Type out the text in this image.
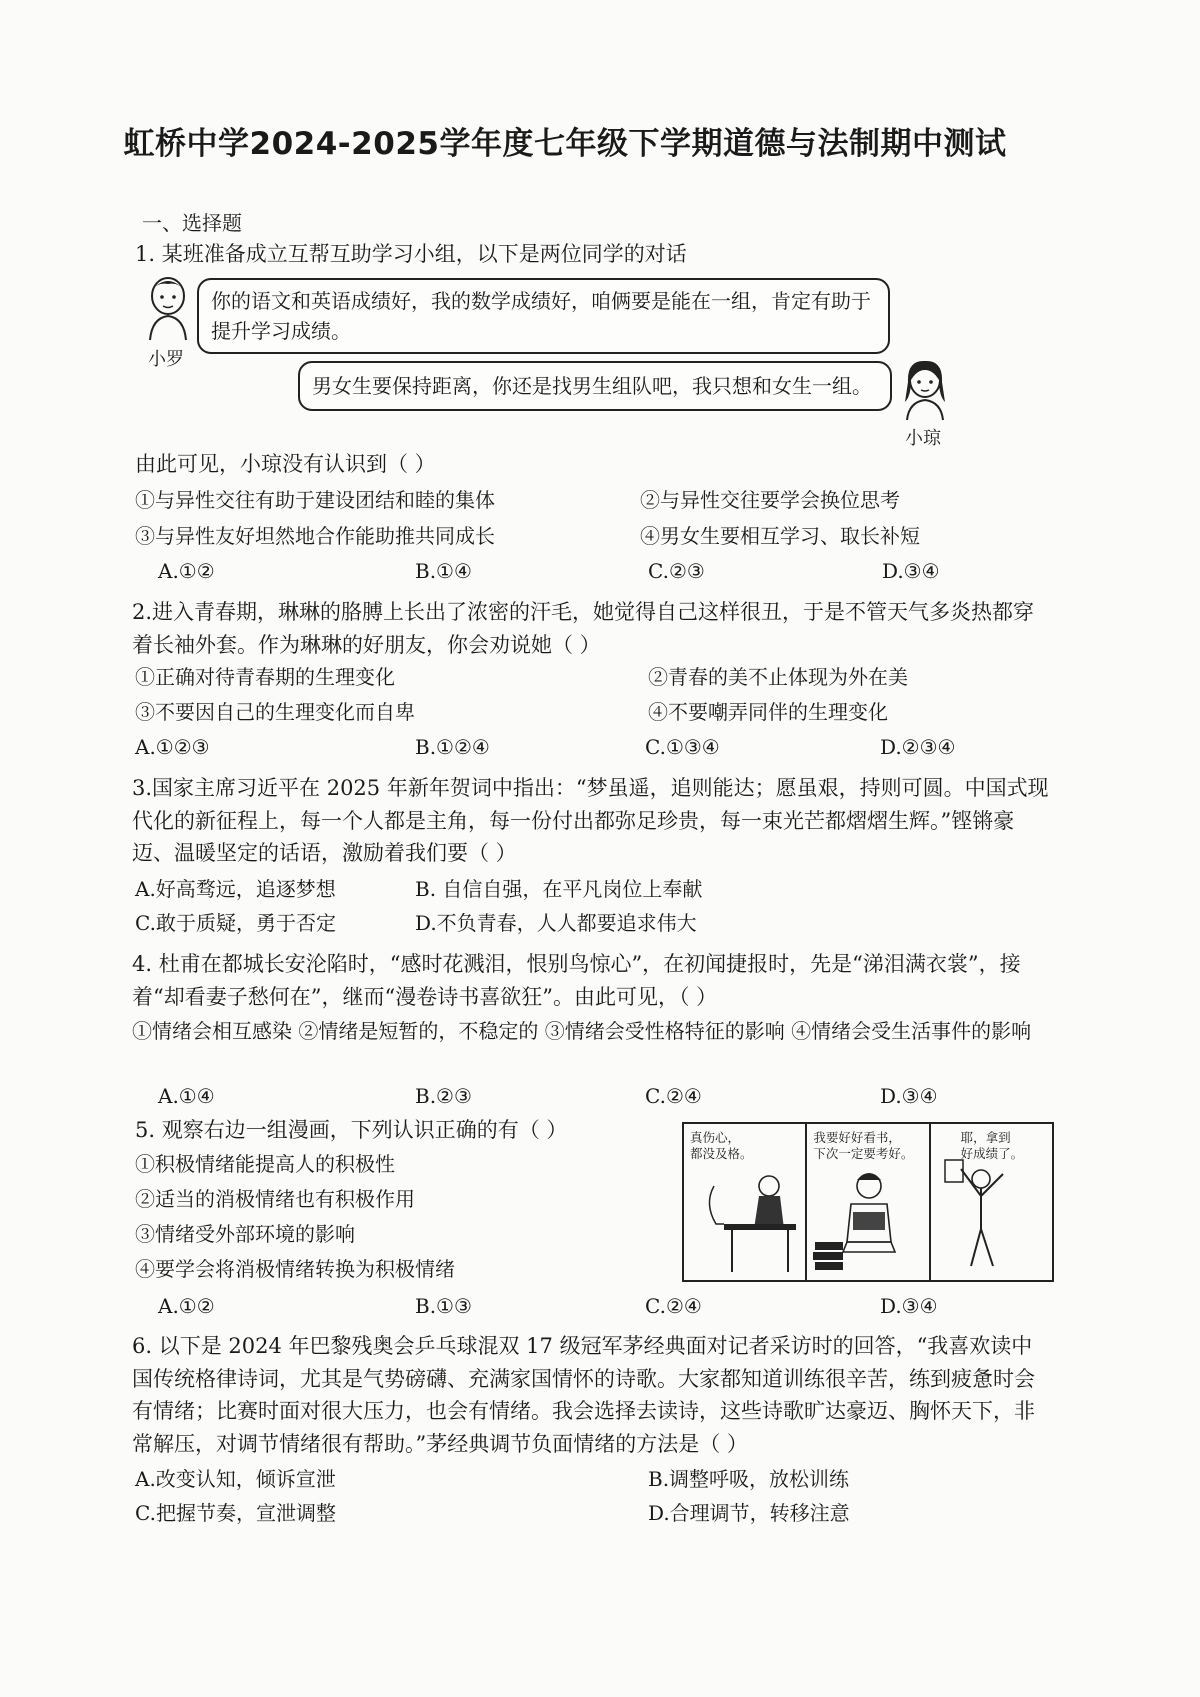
虹桥中学2024-2025学年度七年级下学期道德与法制期中测试
一、选择题
1. 某班准备成立互帮互助学习小组，以下是两位同学的对话
小罗
你的语文和英语成绩好，我的数学成绩好，咱俩要是能在一组，肯定有助于
提升学习成绩。
男女生要保持距离，你还是找男生组队吧，我只想和女生一组。
小琼
由此可见，小琼没有认识到（ ）
①与异性交往有助于建设团结和睦的集体	②与异性交往要学会换位思考
③与异性友好坦然地合作能助推共同成长	④男女生要相互学习、取长补短
A.①②	B.①④	C.②③	D.③④
2.进入青春期，琳琳的胳膊上长出了浓密的汗毛，她觉得自己这样很丑，于是不管天气多炎热都穿着长袖外套。作为琳琳的好朋友，你会劝说她（ ）
①正确对待青春期的生理变化	②青春的美不止体现为外在美
③不要因自己的生理变化而自卑	④不要嘲弄同伴的生理变化
A.①②③	B.①②④	C.①③④	D.②③④
3.国家主席习近平在 2025 年新年贺词中指出：“梦虽遥，追则能达；愿虽艰，持则可圆。中国式现代化的新征程上，每一个人都是主角，每一份付出都弥足珍贵，每一束光芒都熠熠生辉。”铿锵豪迈、温暖坚定的话语，激励着我们要（ ）
A.好高骛远，追逐梦想	B. 自信自强，在平凡岗位上奉献
C.敢于质疑，勇于否定	D.不负青春，人人都要追求伟大
4. 杜甫在都城长安沦陷时，“感时花溅泪，恨别鸟惊心”，在初闻捷报时，先是“涕泪满衣裳”，接着“却看妻子愁何在”，继而“漫卷诗书喜欲狂”。由此可见，（ ）
①情绪会相互感染 ②情绪是短暂的，不稳定的 ③情绪会受性格特征的影响 ④情绪会受生活事件的影响
A.①④	B.②③	C.②④	D.③④
5. 观察右边一组漫画，下列认识正确的有（ ）
①积极情绪能提高人的积极性
②适当的消极情绪也有积极作用
③情绪受外部环境的影响
④要学会将消极情绪转换为积极情绪
真伤心，
都没及格。
我要好好看书，
下次一定要考好。
耶，拿到
好成绩了。
A.①②	B.①③	C.②④	D.③④
6. 以下是 2024 年巴黎残奥会乒乓球混双 17 级冠军茅经典面对记者采访时的回答，“我喜欢读中国传统格律诗词，尤其是气势磅礴、充满家国情怀的诗歌。大家都知道训练很辛苦，练到疲惫时会有情绪；比赛时面对很大压力，也会有情绪。我会选择去读诗，这些诗歌旷达豪迈、胸怀天下，非常解压，对调节情绪很有帮助。”茅经典调节负面情绪的方法是（ ）
A.改变认知，倾诉宣泄	B.调整呼吸，放松训练
C.把握节奏，宣泄调整	D.合理调节，转移注意
